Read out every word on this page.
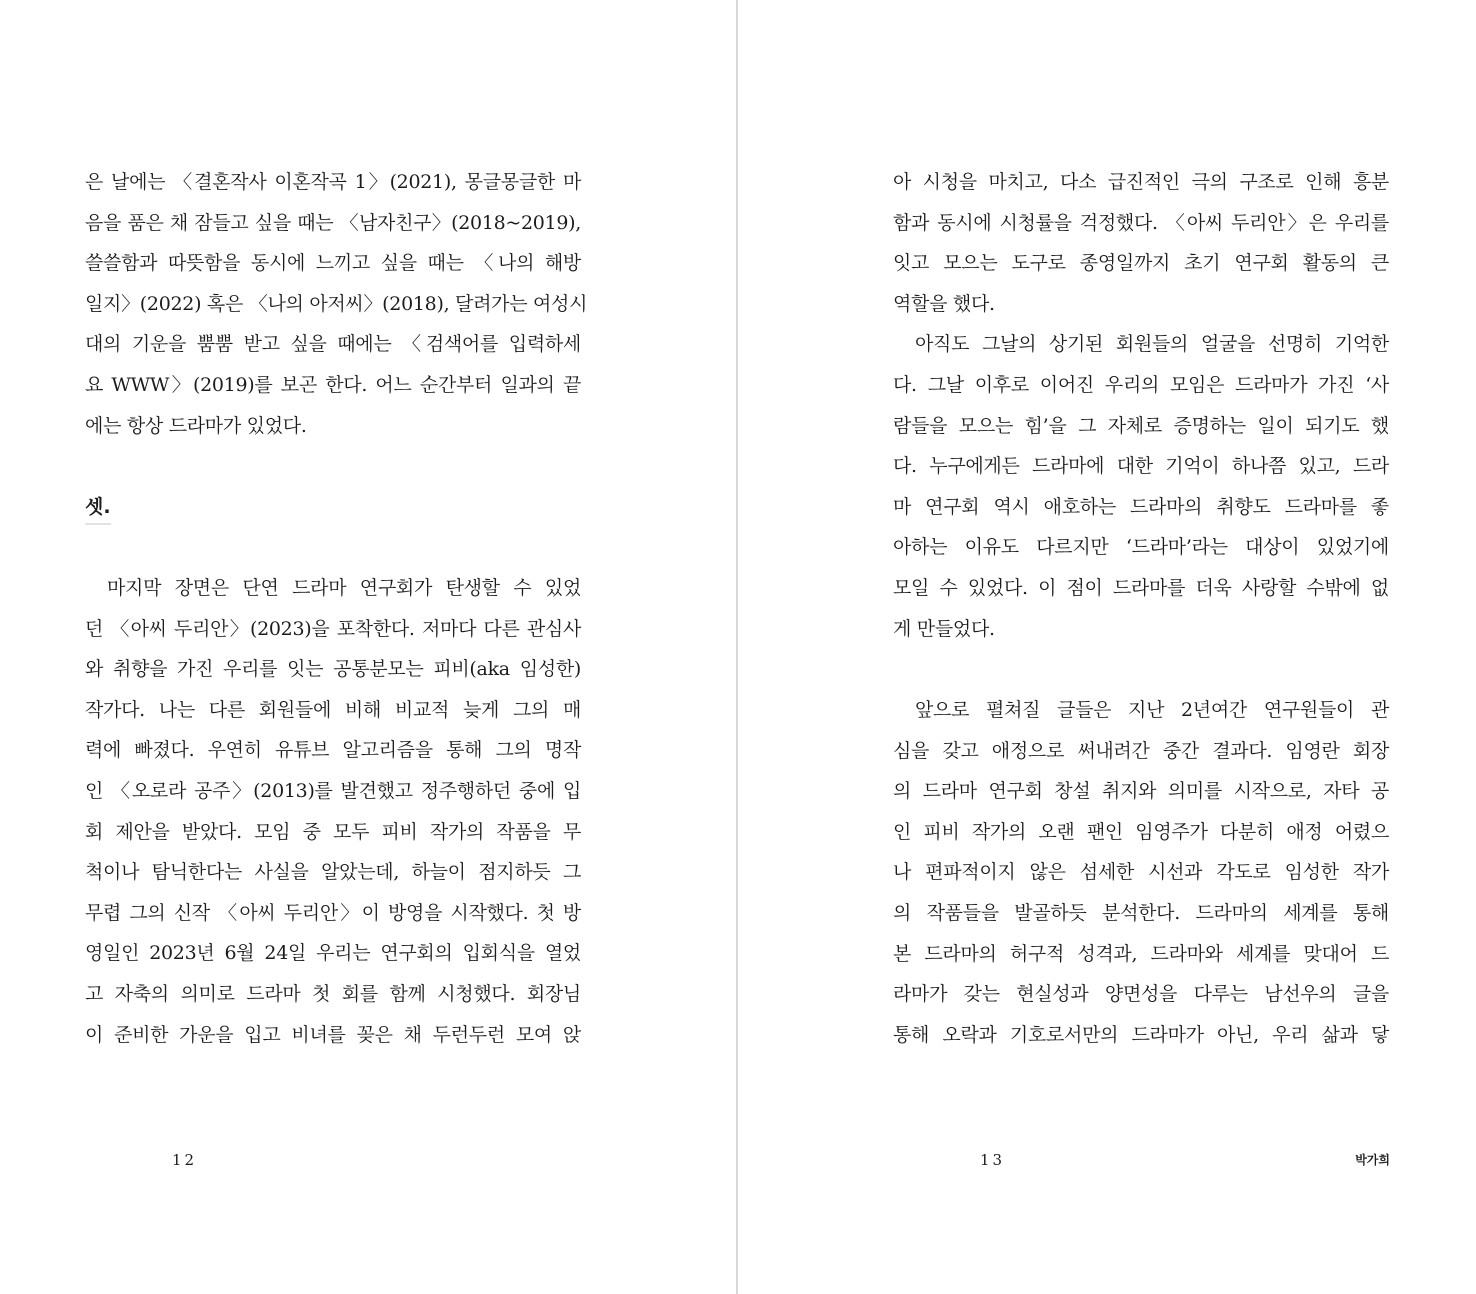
은 날에는 〈결혼작사 이혼작곡 1〉(2021), 몽글몽글한 마
음을 품은 채 잠들고 싶을 때는 〈남자친구〉(2018~2019),
쓸쓸함과 따뜻함을 동시에 느끼고 싶을 때는 〈나의 해방
일지〉(2022) 혹은 〈나의 아저씨〉(2018), 달려가는 여성시
대의 기운을 뿜뿜 받고 싶을 때에는 〈검색어를 입력하세
요 WWW〉(2019)를 보곤 한다. 어느 순간부터 일과의 끝
에는 항상 드라마가 있었다.
셋.
마지막 장면은 단연 드라마 연구회가 탄생할 수 있었
던 〈아씨 두리안〉(2023)을 포착한다. 저마다 다른 관심사
와 취향을 가진 우리를 잇는 공통분모는 피비(aka 임성한)
작가다. 나는 다른 회원들에 비해 비교적 늦게 그의 매
력에 빠졌다. 우연히 유튜브 알고리즘을 통해 그의 명작
인 〈오로라 공주〉(2013)를 발견했고 정주행하던 중에 입
회 제안을 받았다. 모임 중 모두 피비 작가의 작품을 무
척이나 탐닉한다는 사실을 알았는데, 하늘이 점지하듯 그
무렵 그의 신작 〈아씨 두리안〉이 방영을 시작했다. 첫 방
영일인 2023년 6월 24일 우리는 연구회의 입회식을 열었
고 자축의 의미로 드라마 첫 회를 함께 시청했다. 회장님
이 준비한 가운을 입고 비녀를 꽂은 채 두런두런 모여 앉
12
아 시청을 마치고, 다소 급진적인 극의 구조로 인해 흥분
함과 동시에 시청률을 걱정했다. 〈아씨 두리안〉은 우리를
잇고 모으는 도구로 종영일까지 초기 연구회 활동의 큰
역할을 했다.
아직도 그날의 상기된 회원들의 얼굴을 선명히 기억한
다. 그날 이후로 이어진 우리의 모임은 드라마가 가진 ‘사
람들을 모으는 힘’을 그 자체로 증명하는 일이 되기도 했
다. 누구에게든 드라마에 대한 기억이 하나쯤 있고, 드라
마 연구회 역시 애호하는 드라마의 취향도 드라마를 좋
아하는 이유도 다르지만 ‘드라마’라는 대상이 있었기에
모일 수 있었다. 이 점이 드라마를 더욱 사랑할 수밖에 없
게 만들었다.
앞으로 펼쳐질 글들은 지난 2년여간 연구원들이 관
심을 갖고 애정으로 써내려간 중간 결과다. 임영란 회장
의 드라마 연구회 창설 취지와 의미를 시작으로, 자타 공
인 피비 작가의 오랜 팬인 임영주가 다분히 애정 어렸으
나 편파적이지 않은 섬세한 시선과 각도로 임성한 작가
의 작품들을 발골하듯 분석한다. 드라마의 세계를 통해
본 드라마의 허구적 성격과, 드라마와 세계를 맞대어 드
라마가 갖는 현실성과 양면성을 다루는 남선우의 글을
통해 오락과 기호로서만의 드라마가 아닌, 우리 삶과 닿
13	박가희
